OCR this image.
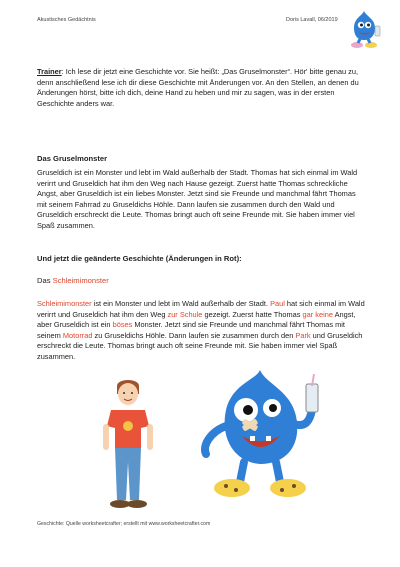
Akustisches Gedächtnis	Doris Lavall, 06/2019
Trainer: Ich lese dir jetzt eine Geschichte vor. Sie heißt: „Das Gruselmonster“. Hör' bitte genau zu, denn anschließend lese ich dir diese Geschichte mit Änderungen vor. An den Stellen, an denen du Änderungen hörst, bitte ich dich, deine Hand zu heben und mir zu sagen, was in der ersten Geschichte anders war.
Das Gruselmonster
Gruseldich ist ein Monster und lebt im Wald außerhalb der Stadt. Thomas hat sich einmal im Wald verirrt und Gruseldich hat ihm den Weg nach Hause gezeigt. Zuerst hatte Thomas schreckliche Angst, aber Gruseldich ist ein liebes Monster. Jetzt sind sie Freunde und manchmal fährt Thomas mit seinem Fahrrad zu Gruseldichs Höhle. Dann laufen sie zusammen durch den Wald und Gruseldich erschreckt die Leute. Thomas bringt auch oft seine Freunde mit. Sie haben immer viel Spaß zusammen.
Und jetzt die geänderte Geschichte (Änderungen in Rot):
Das Schleimimonster
Schleimimonster ist ein Monster und lebt im Wald außerhalb der Stadt. Paul hat sich einmal im Wald verirrt und Gruseldich hat ihm den Weg zur Schule gezeigt. Zuerst hatte Thomas gar keine Angst, aber Gruseldich ist ein böses Monster. Jetzt sind sie Freunde und manchmal fährt Thomas mit seinem Motorrad zu Gruseldichs Höhle. Dann laufen sie zusammen durch den Park und Gruseldich erschreckt die Leute. Thomas bringt auch oft seine Freunde mit. Sie haben immer viel Spaß zusammen.
Geschichte: Quelle worksheetcrafter; erstellt mit www.worksheetcrafter.com
